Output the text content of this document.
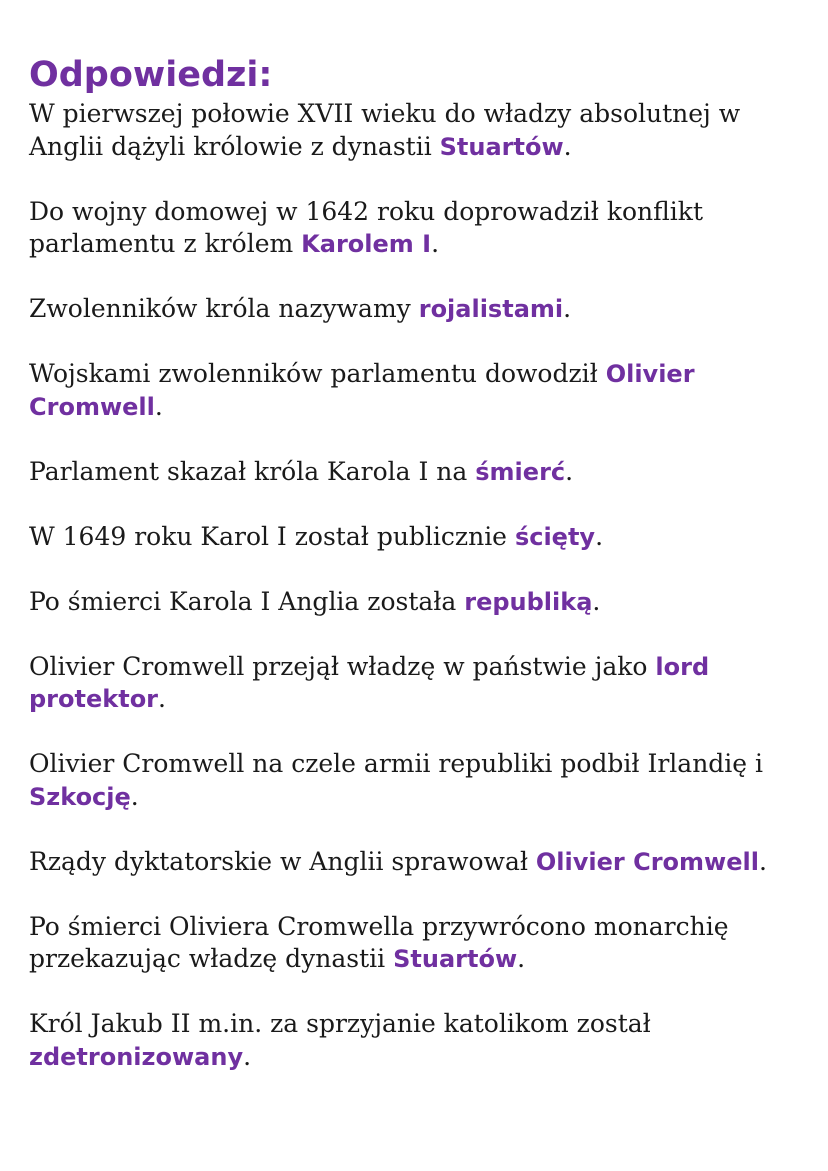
Odpowiedzi:

W pierwszej połowie XVII wieku do władzy absolutnej w Anglii dążyli królowie z dynastii Stuartów.

Do wojny domowej w 1642 roku doprowadził konflikt parlamentu z królem Karolem I.

Zwolenników króla nazywamy rojalistami.

Wojskami zwolenników parlamentu dowodził Olivier Cromwell.

Parlament skazał króla Karola I na śmierć.

W 1649 roku Karol I został publicznie ścięty.

Po śmierci Karola I Anglia została republiką.

Olivier Cromwell przejął władzę w państwie jako lord protektor.

Olivier Cromwell na czele armii republiki podbił Irlandię i Szkocję.

Rządy dyktatorskie w Anglii sprawował Olivier Cromwell.

Po śmierci Oliviera Cromwella przywrócono monarchię przekazując władzę dynastii Stuartów.

Król Jakub II m.in. za sprzyjanie katolikom został zdetronizowany.
